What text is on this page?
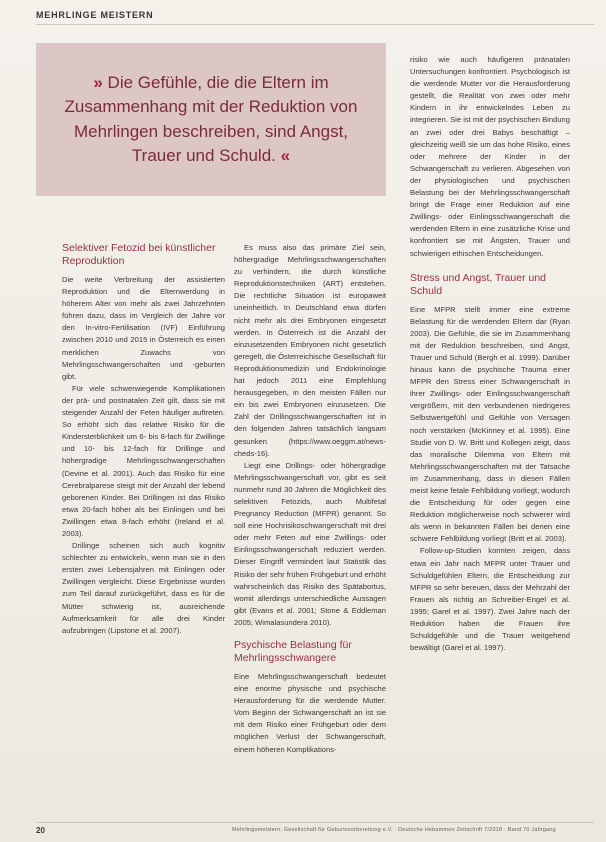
MEHRLINGE MEISTERN

» Die Gefühle, die die Eltern im Zusammenhang mit der Reduktion von Mehrlingen beschreiben, sind Angst, Trauer und Schuld. «

Selektiver Fetozid bei künstlicher Reproduktion

Die weite Verbreitung der assistierten Reproduktion und die Elternwerdung in höherem Alter von mehr als zwei Jahrzehnten führen dazu, dass im Vergleich der Jahre vor den In-vitro-Fertilisation (IVF) Einführung zwischen 2010 und 2015 in Österreich es einen merklichen Zuwachs von Mehrlingsschwangerschaften und -geburten gibt.

Für viele schwerwiegende Komplikationen der prä- und postnatalen Zeit gilt, dass sie mit steigender Anzahl der Feten häufiger auftreten. So erhöht sich das relative Risiko für die Kindersterblichkeit um 6- bis 8-fach für Zwillinge und 10- bis 12-fach für Drillinge und höhergradige Mehrlingsschwangerschaften (Devine et al. 2001). Auch das Risiko für eine Cerebralparese steigt mit der Anzahl der lebend geborenen Kinder. Bei Drillingen ist das Risiko etwa 20-fach höher als bei Einlingen und bei Zwillingen etwa 8-fach erhöht (Ireland et al. 2003).

Drillinge scheinen sich auch kognitiv schlechter zu entwickeln, wenn man sie in den ersten zwei Lebensjahren mit Einlingen oder Zwillingen vergleicht. Diese Ergebnisse wurden zum Teil darauf zurückgeführt, dass es für die Mütter schwierig ist, ausreichende Aufmerksamkeit für alle drei Kinder aufzubringen (Lipstone et al. 2007).

Es muss also das primäre Ziel sein, höhergradige Mehrlingsschwangerschaften zu verhindern, die durch künstliche Reproduktionstechniken (ART) entstehen. Die rechtliche Situation ist europaweit uneinheitlich. In Deutschland etwa dürfen nicht mehr als drei Embryonen eingesetzt werden. In Österreich ist die Anzahl der einzusetzenden Embryonen nicht gesetzlich geregelt, die Österreichische Gesellschaft für Reproduktionsmedizin und Endokrinologie hat jedoch 2011 eine Empfehlung herausgegeben, in den meisten Fällen nur ein bis zwei Embryonen einzusetzen. Die Zahl der Drillingsschwangerschaften ist in den folgenden Jahren tatsächlich langsam gesunken (https://www.oeggm.at/news-cheds-16).

Liegt eine Drillings- oder höhergradige Mehrlingsschwangerschaft vor, gibt es seit nunmehr rund 30 Jahren die Möglichkeit des selektiven Fetozids, auch Multifetal Pregnancy Reduction (MFPR) genannt. So soll eine Hochrisikoschwangerschaft mit drei oder mehr Feten auf eine Zwillings- oder Einlingsschwangerschaft reduziert werden. Dieser Eingriff vermindert laut Statistik das Risiko der sehr frühen Frühgeburt und erhöht wahrscheinlich das Risiko des Spätabortus, womit allerdings unterschiedliche Aussagen gibt (Evans et al. 2001; Stone & Eddleman 2005; Wimalasundera 2010).

Psychische Belastung für Mehrlingsschwangere

Eine Mehrlingsschwangerschaft bedeutet eine enorme physische und psychische Herausforderung für die werdende Mutter. Vom Beginn der Schwangerschaft an ist sie mit dem Risiko einer Frühgeburt oder dem möglichen Verlust der Schwangerschaft, einem höheren Komplikations-

risiko wie auch häufigeren pränatalen Untersuchungen konfrontiert. Psychologisch ist die werdende Mutter vor die Herausforderung gestellt, die Realität von zwei oder mehr Kindern in ihr entwickelndes Leben zu integrieren. Sie ist mit der psychischen Bindung an zwei oder drei Babys beschäftigt – gleichzeitig weiß sie um das hohe Risiko, eines oder mehrere der Kinder in der Schwangerschaft zu verlieren. Abgesehen von der physiologischen und psychischen Belastung bei der Mehrlingsschwangerschaft bringt die Frage einer Reduktion auf eine Zwillings- oder Einlingsschwangerschaft die werdenden Eltern in eine zusätzliche Krise und konfrontiert sie mit Ängsten, Trauer und schwierigen ethischen Entscheidungen.

Stress und Angst, Trauer und Schuld

Eine MFPR stellt immer eine extreme Belastung für die werdenden Eltern dar (Ryan 2003). Die Gefühle, die sie im Zusammenhang mit der Reduktion beschreiben, sind Angst, Trauer und Schuld (Bergh et al. 1999). Darüber hinaus kann die psychische Trauma einer MFPR den Stress einer Schwangerschaft in ihrer Zwillings- oder Einlingsschwangerschaft vergrößern, mit den verbundenen niedrigeres Selbstwertgefühl und Gefühle von Versagen noch verstärken (McKinney et al. 1995). Eine Studie von D. W. Britt und Kollegen zeigt, dass das moralische Dilemma von Eltern mit Mehrlingsschwangerschaften mit der Tatsache im Zusammenhang, dass in diesen Fällen meist keine fetale Fehlbildung vorliegt, wodurch die Entscheidung für oder gegen eine Reduktion möglicherweise noch schwerer wird als wenn in bekannten Fällen bei denen eine schwere Fehlbildung vorliegt (Britt et al. 2003).

Follow-up-Studien konnten zeigen, dass etwa ein Jahr nach MFPR unter Trauer und Schuldgefühlen Eltern, die Entscheidung zur MFPR so sehr bereuen, dass der Mehrzahl der Frauen als richtig an Schreiber-Engel et al. 1995; Garel et al. 1997). Zwei Jahre nach der Reduktion haben die Frauen ihre Schuldgefühle und die Trauer weitgehend bewältigt (Garel et al. 1997).

20	Mehrlingsmeistern. Gesellschaft für Geburtsvorbereitung e.V. · Deutsche Hebammen Zeitschrift 7/2018 · Band 70 Jahrgang
